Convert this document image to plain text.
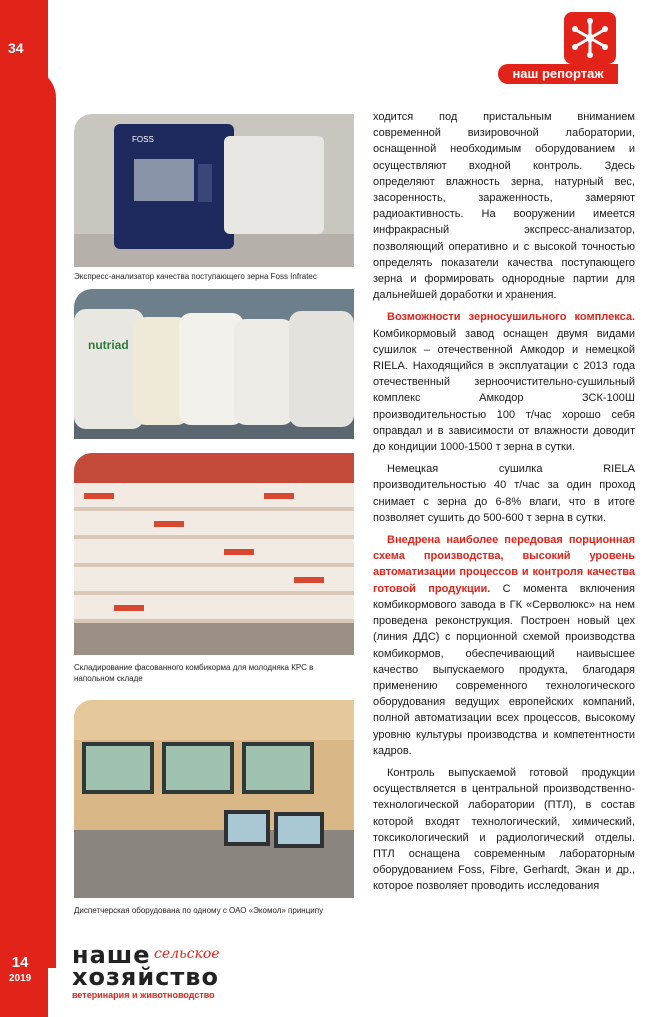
34
наш репортаж
FOSS
Экспресс-анализатор качества поступающего зерна Foss Infratec
nutriad
Складирование фасованного комбикорма для молодняка КРС в напольном складе
Диспетчерская оборудована по одному с ОАО «Экомол» принципу

ходится под пристальным вниманием современной визировочной лаборатории, оснащенной необходимым оборудованием и осуществляют входной контроль. Здесь определяют влажность зерна, натурный вес, засоренность, зараженность, замеряют радиоактивность. На вооружении имеется инфракрасный экспресс-анализатор, позволяющий оперативно и с высокой точностью определять показатели качества поступающего зерна и формировать однородные партии для дальнейшей доработки и хранения.

Возможности зерносушильного комплекса. Комбикормовый завод оснащен двумя видами сушилок – отечественной Амкодор и немецкой RIELA. Находящийся в эксплуатации с 2013 года отечественный зерноочистительно-сушильный комплекс Амкодор ЗСК-100Ш производительностью 100 т/час хорошо себя оправдал и в зависимости от влажности доводит до кондиции 1000-1500 т зерна в сутки.

Немецкая сушилка RIELA производительностью 40 т/час за один проход снимает с зерна до 6-8% влаги, что в итоге позволяет сушить до 500-600 т зерна в сутки.

Внедрена наиболее передовая порционная схема производства, высокий уровень автоматизации процессов и контроля качества готовой продукции. С момента включения комбикормового завода в ГК «Серволюкс» на нем проведена реконструкция. Построен новый цех (линия ДДС) с порционной схемой производства комбикормов, обеспечивающий наивысшее качество выпускаемого продукта, благодаря применению современного технологического оборудования ведущих европейских компаний, полной автоматизации всех процессов, высокому уровню культуры производства и компетентности кадров.

Контроль выпускаемой готовой продукции осуществляется в центральной производственно-технологической лаборатории (ПТЛ), в состав которой входят технологический, химический, токсикологический и радиологический отделы. ПТЛ оснащена современным лабораторным оборудованием Foss, Fibre, Gerhardt, Экан и др., которое позволяет проводить исследования

14
2019
наше сельское
хозяйство
ветеринария и животноводство
